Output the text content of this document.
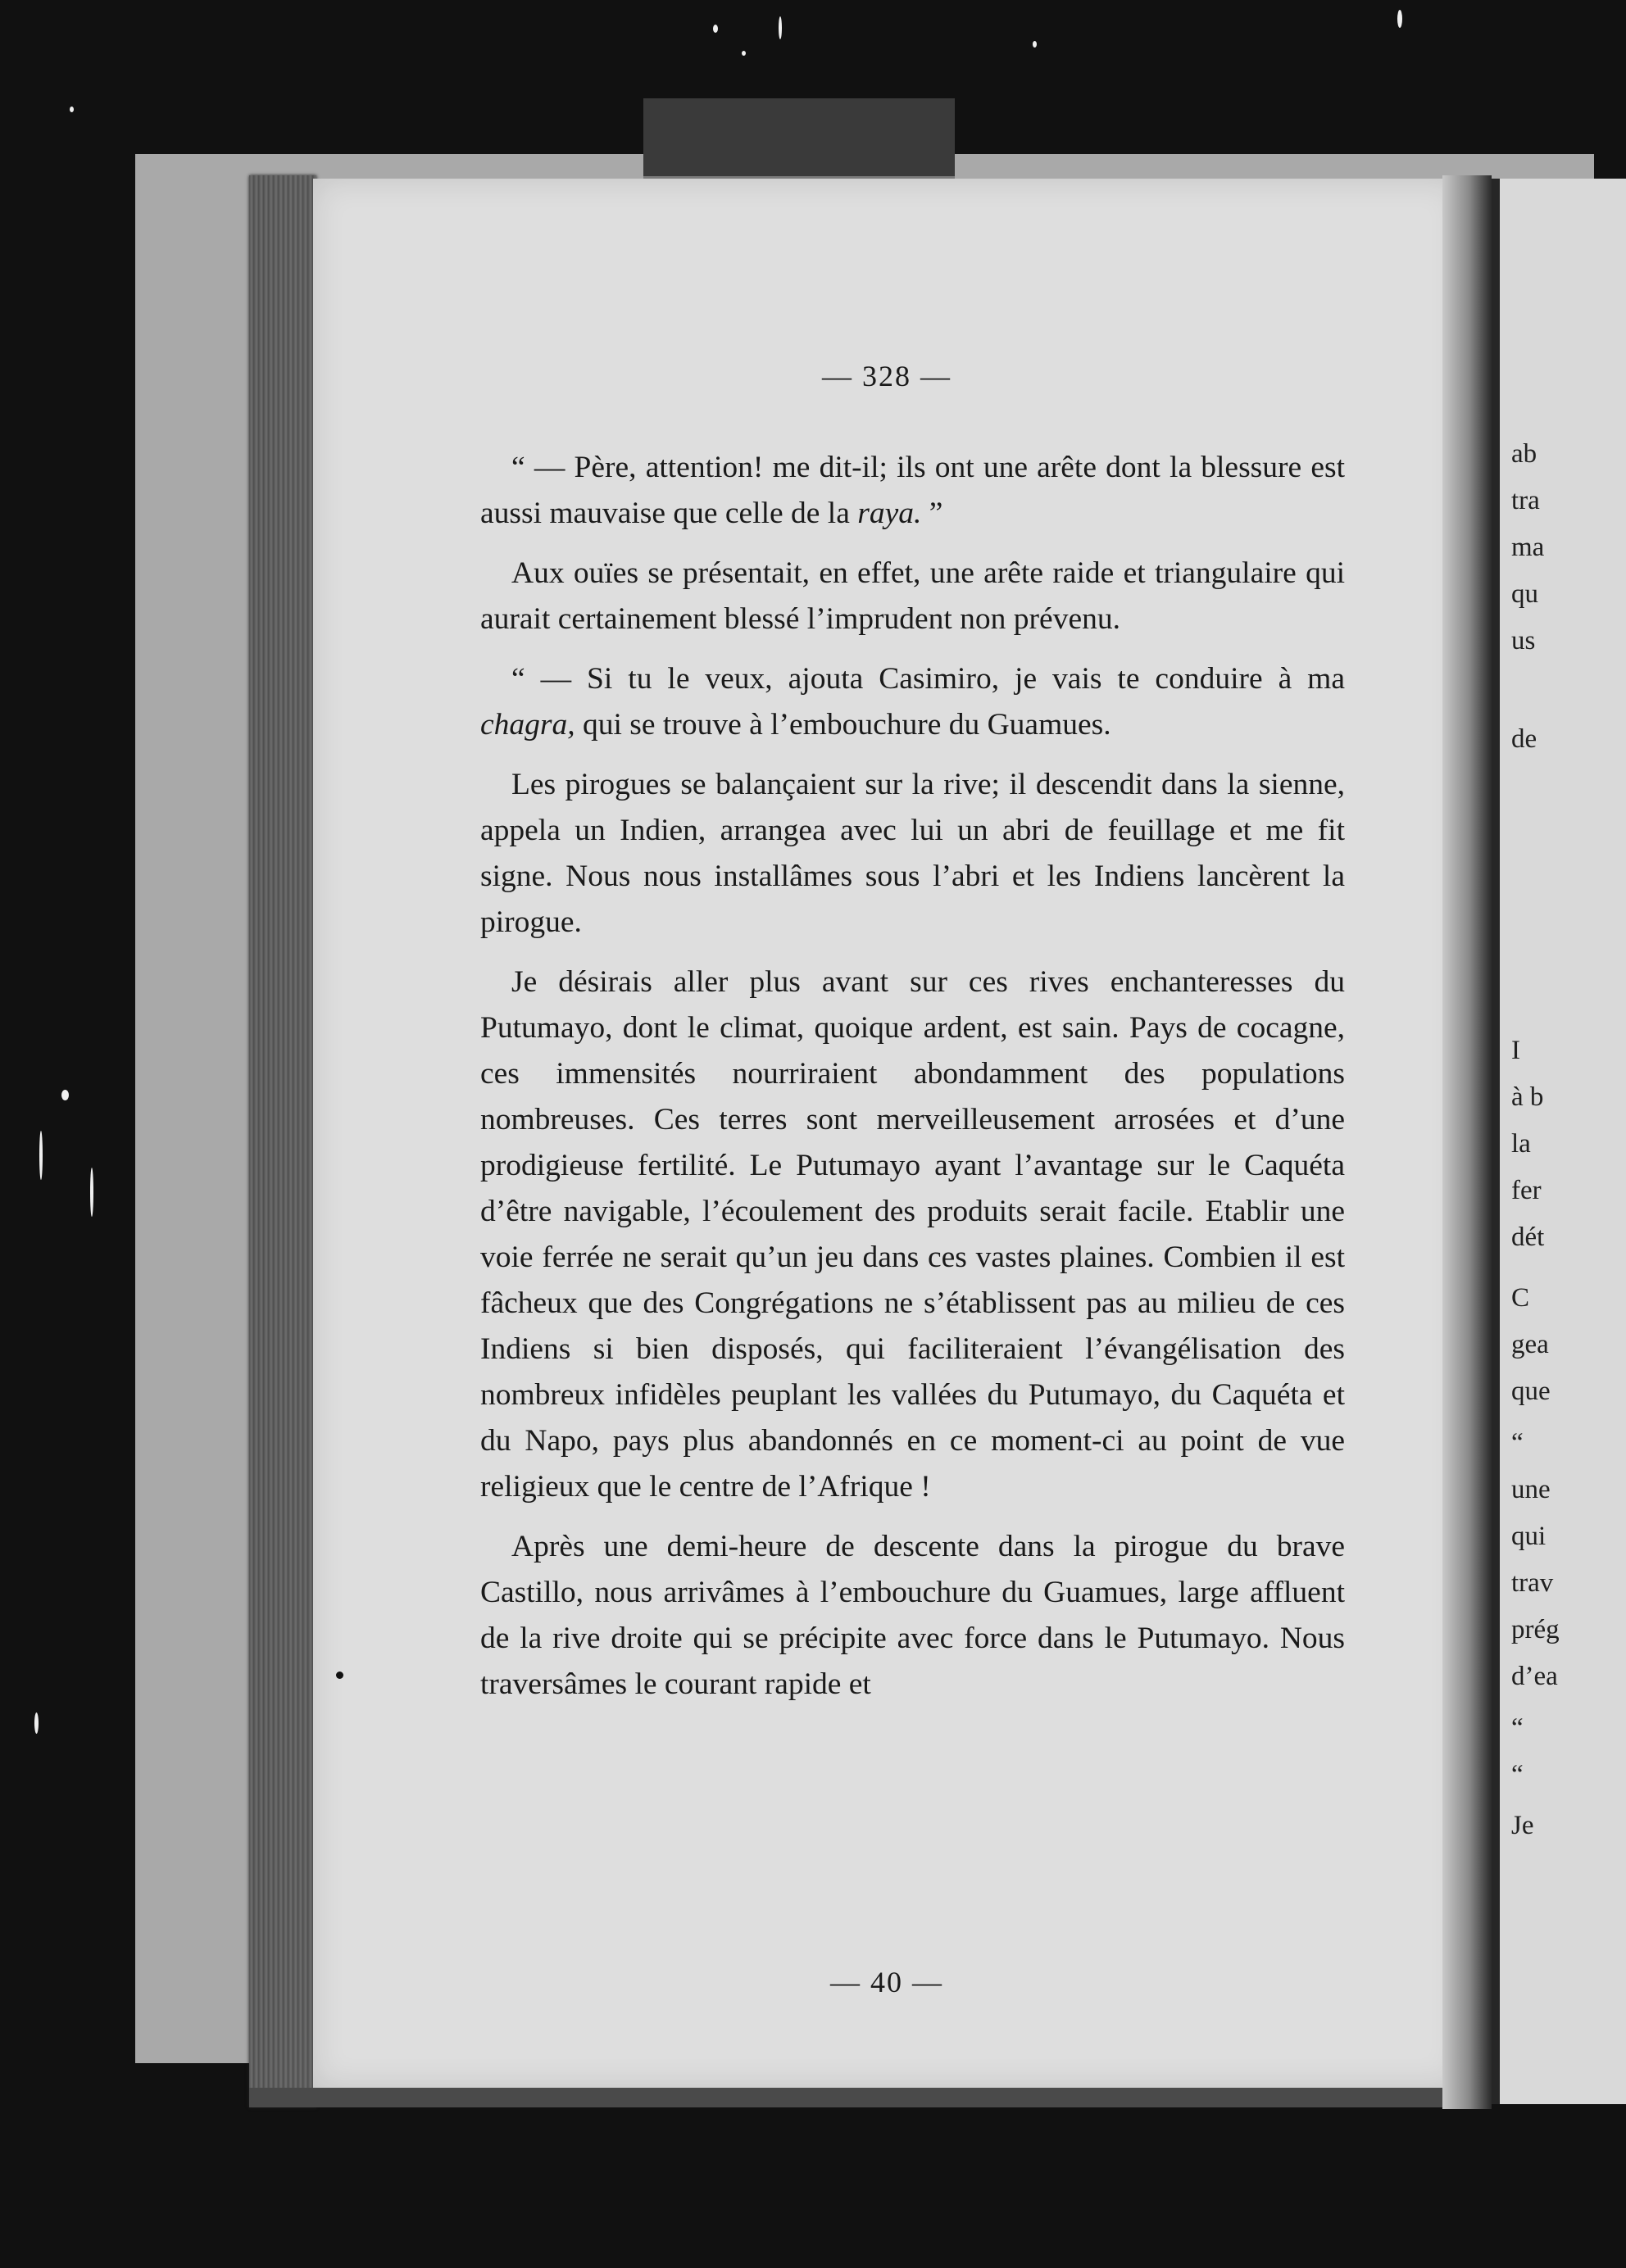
ab
tra
ma
qu
us
de
I
à b
la
fer
dét
C
gea
que
“
une
qui
trav
prég
d’ea
“
“
Je
— 328 —

“ — Père, attention! me dit-il; ils ont une arête dont la blessure est aussi mauvaise que celle de la raya. ”

Aux ouïes se présentait, en effet, une arête raide et triangulaire qui aurait certainement blessé l’imprudent non prévenu.

“ — Si tu le veux, ajouta Casimiro, je vais te conduire à ma chagra, qui se trouve à l’embouchure du Guamues.

Les pirogues se balançaient sur la rive; il descendit dans la sienne, appela un Indien, arrangea avec lui un abri de feuillage et me fit signe. Nous nous installâmes sous l’abri et les Indiens lancèrent la pirogue.

Je désirais aller plus avant sur ces rives enchanteresses du Putumayo, dont le climat, quoique ardent, est sain. Pays de cocagne, ces immensités nourriraient abondamment des populations nombreuses. Ces terres sont merveilleusement arrosées et d’une prodigieuse fertilité. Le Putumayo ayant l’avantage sur le Caquéta d’être navigable, l’écoulement des produits serait facile. Etablir une voie ferrée ne serait qu’un jeu dans ces vastes plaines. Combien il est fâcheux que des Congrégations ne s’établissent pas au milieu de ces Indiens si bien disposés, qui faciliteraient l’évangélisation des nombreux infidèles peuplant les vallées du Putumayo, du Caquéta et du Napo, pays plus abandonnés en ce moment-ci au point de vue religieux que le centre de l’Afrique !

Après une demi-heure de descente dans la pirogue du brave Castillo, nous arrivâmes à l’embouchure du Guamues, large affluent de la rive droite qui se précipite avec force dans le Putumayo. Nous traversâmes le courant rapide et

— 40 —
